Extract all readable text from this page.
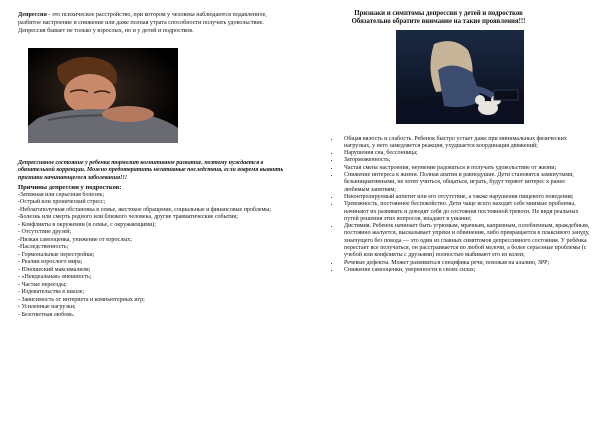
Депрессия - это психическое расстройство, при котором у человека наблюдаются подавленное, разбитое настроение и снижение или даже полная утрата способности получать удовольствие. Депрессия бывает не только у взрослых, но и у детей и подростков.

Депрессивное состояние у ребенка тормозит когнитивное развитие, поэтому нуждается в обязательной коррекции. Можно предотвратить негативные последствия, если вовремя выявить признаки начинающегося заболевания!!!

Причины депрессии у подростков:

-Затяжная или серьезная болезнь;
-Острый или хронический стресс;
-Неблагополучная обстановка в семье, жестокое обращение, социальные и финансовые проблемы;
-Болезнь или смерть родного или близкого человека, другие травматические события;
- Конфликты в окружении (в семье, с окружающими);
- Отсутствие друзей;
-Низкая самооценка, унижение от взрослых;
-Наследственность;
- Гормональные перестройки;
- Реалии взрослого мира;
- Юношеский максимализм;
- «Неидеальная» внешность;
- Частые переезды;
- Издевательства в школе;
- Зависимость от интернета и компьютерных игр;
- Усиленные нагрузки;
- Безответная любовь.

Признаки и симптомы депрессии у детей и подростков
Обязательно обратите внимание на такие проявления!!!

• Общая вялость и слабость. Ребенок быстро устает даже при минимальных физических нагрузках, у него замедляется реакция, ухудшается координация движений;
• Нарушения сна, бессонница;
• Заторможенность;
• Частая смена настроения, неумение радоваться и получать удовольствие от жизни;
• Снижение интереса к жизни. Полная апатия и равнодушие. Дети становятся замкнутыми, безынициативными, не хотят учиться, общаться, играть, будут теряют интерес к ранее любимым занятиям;
• Неконтролируемый аппетит или его отсутствие, а также нарушения пищевого поведения;
• Тревожность, постоянное беспокойство. Дети чаще всего находят себе мнимые проблемы, начинают их развивать и доводят себя до состояния постоянной тревоги. Не видя реальных путей решения этих вопросов, впадают в уныние;
• Дистимия. Ребенок начинает быть угрюмым, мрачным, капризным, озлобленным, враждебным, постоянно жалуется, высказывает упреки и обвинения, либо превращается в плаксивого зануду, хнычущего без повода — это один из главных симптомов депрессивного состояния. У ребёнка перестает все получаться, он расстраивается по любой мелочи, а более серьезные проблемы (с учебой или конфликты с друзьями) полностью выбивают его из колеи;
• Речевые дефекты. Может развиваться специфика речи, похожая на алалию, ЗРР;
• Снижение самооценки, уверенности в своих силах;
